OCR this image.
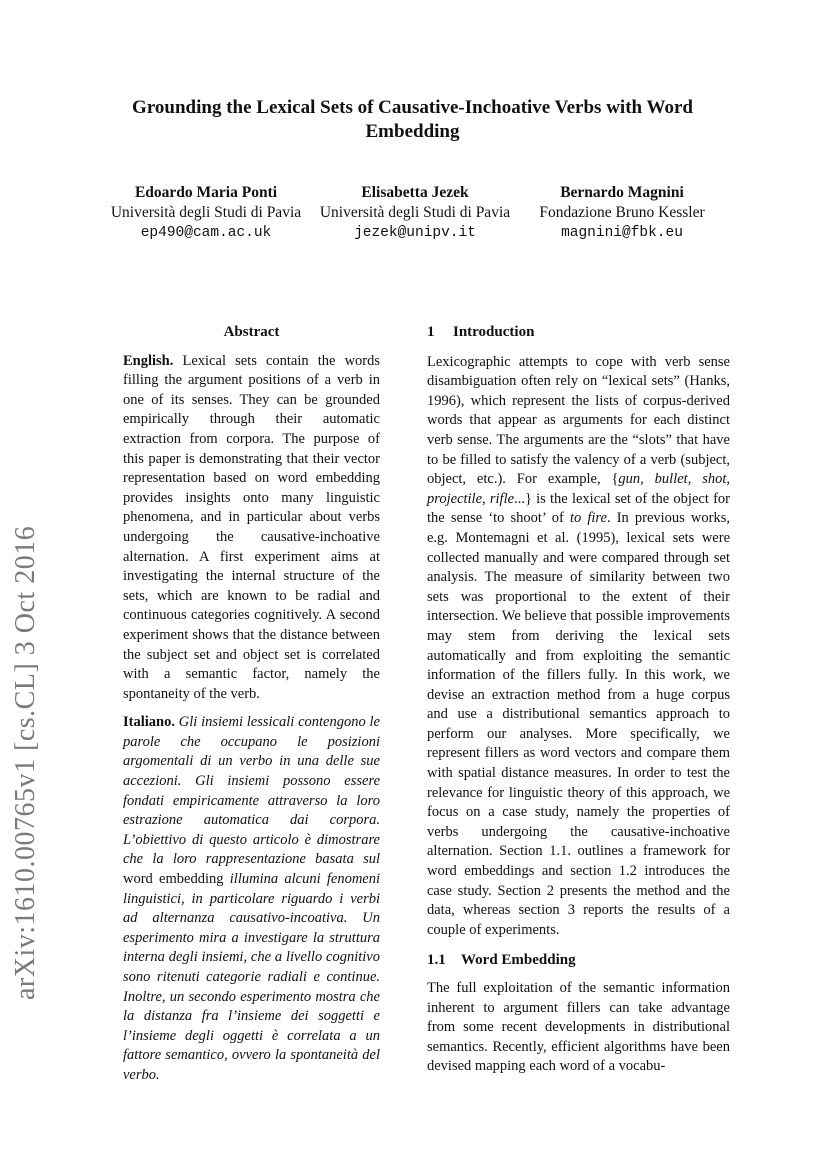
arXiv:1610.00765v1 [cs.CL] 3 Oct 2016
Grounding the Lexical Sets of Causative-Inchoative Verbs with Word Embedding
Edoardo Maria Ponti
Università degli Studi di Pavia
ep490@cam.ac.uk
Elisabetta Jezek
Università degli Studi di Pavia
jezek@unipv.it
Bernardo Magnini
Fondazione Bruno Kessler
magnini@fbk.eu
Abstract

English. Lexical sets contain the words filling the argument positions of a verb in one of its senses. They can be grounded empirically through their automatic extraction from corpora. The purpose of this paper is demonstrating that their vector representation based on word embedding provides insights onto many linguistic phenomena, and in particular about verbs undergoing the causative-inchoative alternation. A first experiment aims at investigating the internal structure of the sets, which are known to be radial and continuous categories cognitively. A second experiment shows that the distance between the subject set and object set is correlated with a semantic factor, namely the spontaneity of the verb.

Italiano. Gli insiemi lessicali contengono le parole che occupano le posizioni argomentali di un verbo in una delle sue accezioni. Gli insiemi possono essere fondati empiricamente attraverso la loro estrazione automatica dai corpora. L’obiettivo di questo articolo è dimostrare che la loro rappresentazione basata sul word embedding illumina alcuni fenomeni linguistici, in particolare riguardo i verbi ad alternanza causativo-incoativa. Un esperimento mira a investigare la struttura interna degli insiemi, che a livello cognitivo sono ritenuti categorie radiali e continue. Inoltre, un secondo esperimento mostra che la distanza fra l’insieme dei soggetti e l’insieme degli oggetti è correlata a un fattore semantico, ovvero la spontaneità del verbo.

1 Introduction

Lexicographic attempts to cope with verb sense disambiguation often rely on “lexical sets” (Hanks, 1996), which represent the lists of corpus-derived words that appear as arguments for each distinct verb sense. The arguments are the “slots” that have to be filled to satisfy the valency of a verb (subject, object, etc.). For example, {gun, bullet, shot, projectile, rifle...} is the lexical set of the object for the sense ‘to shoot’ of to fire. In previous works, e.g. Montemagni et al. (1995), lexical sets were collected manually and were compared through set analysis. The measure of similarity between two sets was proportional to the extent of their intersection. We believe that possible improvements may stem from deriving the lexical sets automatically and from exploiting the semantic information of the fillers fully. In this work, we devise an extraction method from a huge corpus and use a distributional semantics approach to perform our analyses. More specifically, we represent fillers as word vectors and compare them with spatial distance measures. In order to test the relevance for linguistic theory of this approach, we focus on a case study, namely the properties of verbs undergoing the causative-inchoative alternation. Section 1.1. outlines a framework for word embeddings and section 1.2 introduces the case study. Section 2 presents the method and the data, whereas section 3 reports the results of a couple of experiments.

1.1 Word Embedding

The full exploitation of the semantic information inherent to argument fillers can take advantage from some recent developments in distributional semantics. Recently, efficient algorithms have been devised mapping each word of a vocabu-
